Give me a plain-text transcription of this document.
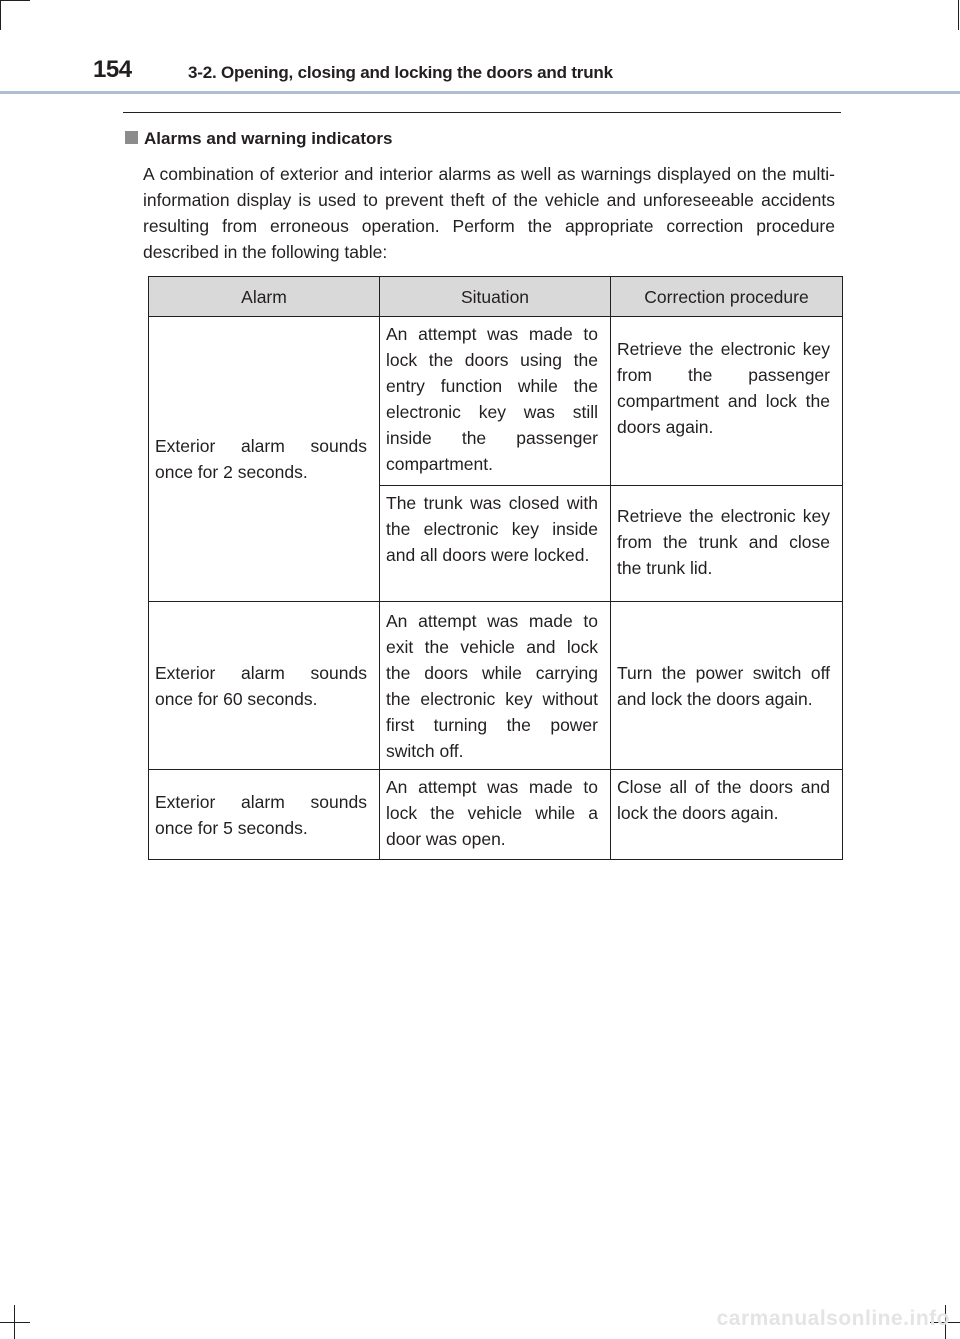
154	3-2. Opening, closing and locking the doors and trunk
Alarms and warning indicators
A combination of exterior and interior alarms as well as warnings displayed on the multi-information display is used to prevent theft of the vehicle and unforeseeable accidents resulting from erroneous operation. Perform the appropriate correction procedure described in the following table:
Alarm	Situation	Correction procedure
Exterior alarm sounds once for 2 seconds.	An attempt was made to lock the doors using the entry function while the electronic key was still inside the passenger compartment.	Retrieve the electronic key from the passenger compartment and lock the doors again.
	The trunk was closed with the electronic key inside and all doors were locked.	Retrieve the electronic key from the trunk and close the trunk lid.
Exterior alarm sounds once for 60 seconds.	An attempt was made to exit the vehicle and lock the doors while carrying the electronic key without first turning the power switch off.	Turn the power switch off and lock the doors again.
Exterior alarm sounds once for 5 seconds.	An attempt was made to lock the vehicle while a door was open.	Close all of the doors and lock the doors again.
carmanualsonline.info
